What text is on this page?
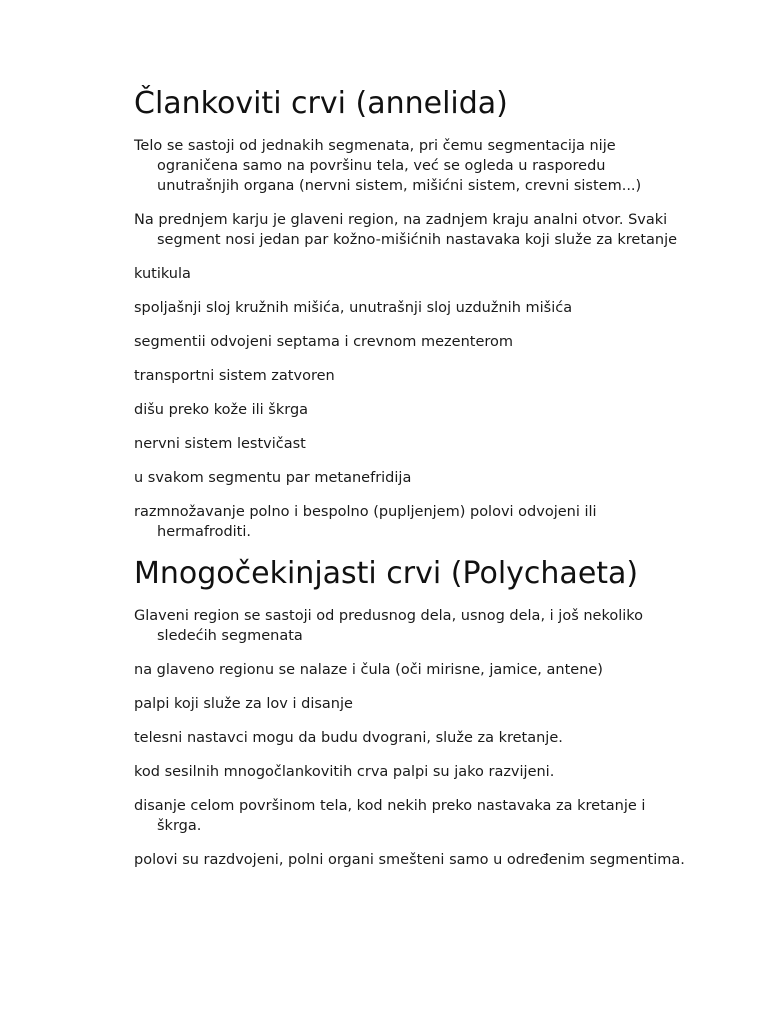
Člankoviti crvi (annelida)

Telo se sastoji od jednakih segmenata, pri čemu segmentacija nije ograničena samo na površinu tela, već se ogleda u rasporedu unutrašnjih organa (nervni sistem, mišićni sistem, crevni sistem...)

Na prednjem karju je glaveni region, na zadnjem kraju analni otvor. Svaki segment nosi jedan par kožno-mišićnih nastavaka koji služe za kretanje

kutikula

spoljašnji sloj kružnih mišića, unutrašnji sloj uzdužnih mišića

segmentii odvojeni septama i crevnom mezenterom

transportni sistem zatvoren

dišu preko kože ili škrga

nervni sistem lestvičast

u svakom segmentu par metanefridija

razmnožavanje polno i bespolno (pupljenjem) polovi odvojeni ili hermafroditi.

Mnogočekinjasti crvi (Polychaeta)

Glaveni region se sastoji od predusnog dela, usnog dela, i još nekoliko sledećih segmenata

na glaveno regionu se nalaze i čula (oči mirisne, jamice, antene)

palpi koji služe za lov i disanje

telesni nastavci mogu da budu dvograni, služe za kretanje.

kod sesilnih mnogočlankovitih crva palpi su jako razvijeni.

disanje celom površinom tela, kod nekih preko nastavaka za kretanje i škrga.

polovi su razdvojeni, polni organi smešteni samo u određenim segmentima.
